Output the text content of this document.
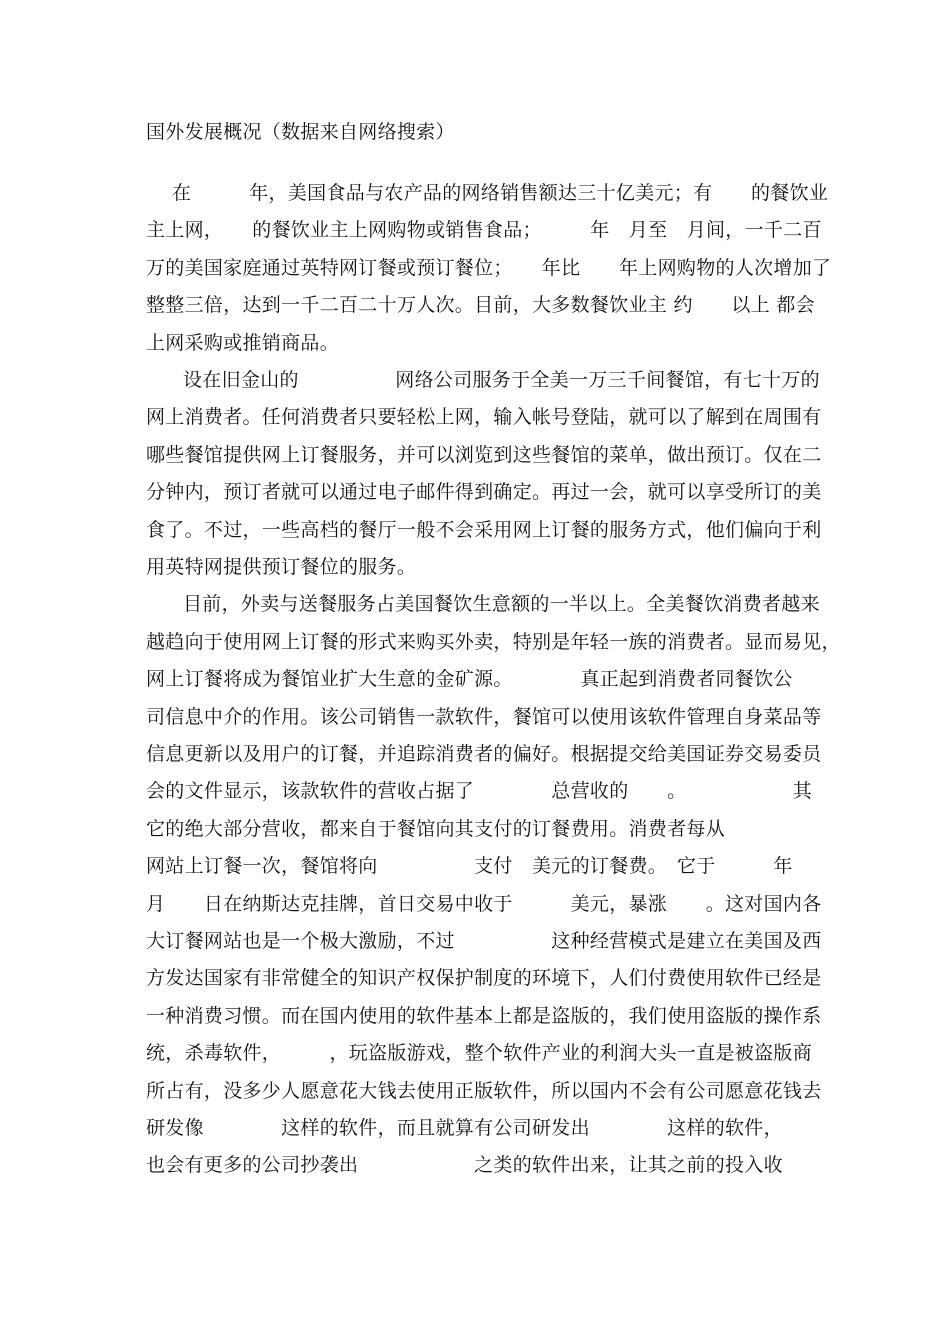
国外发展概况（数据来自网络搜索）
在　　　年，美国食品与农产品的网络销售额达三十亿美元；有　　的餐饮业
主上网，　　的餐饮业主上网购物或销售食品；　　　年　月至　月间，一千二百
万的美国家庭通过英特网订餐或预订餐位；　　年比　　年上网购物的人次增加了
整整三倍，达到一千二百二十万人次。目前，大多数餐饮业主 约　　以上 都会
上网采购或推销商品。
设在旧金山的　　　　　网络公司服务于全美一万三千间餐馆，有七十万的
网上消费者。任何消费者只要轻松上网，输入帐号登陆，就可以了解到在周围有
哪些餐馆提供网上订餐服务，并可以浏览到这些餐馆的菜单，做出预订。仅在二
分钟内，预订者就可以通过电子邮件得到确定。再过一会，就可以享受所订的美
食了。不过，一些高档的餐厅一般不会采用网上订餐的服务方式，他们偏向于利
用英特网提供预订餐位的服务。
目前，外卖与送餐服务占美国餐饮生意额的一半以上。全美餐饮消费者越来
越趋向于使用网上订餐的形式来购买外卖，特别是年轻一族的消费者。显而易见，
网上订餐将成为餐馆业扩大生意的金矿源。　　　　真正起到消费者同餐饮公
司信息中介的作用。该公司销售一款软件，餐馆可以使用该软件管理自身菜品等
信息更新以及用户的订餐，并追踪消费者的偏好。根据提交给美国证券交易委员
会的文件显示，该款软件的营收占据了　　　　总营收的　　。　　　　　　其
它的绝大部分营收，都来自于餐馆向其支付的订餐费用。消费者每从
网站上订餐一次，餐馆将向　　　　　支付　美元的订餐费。　它于　　　年
月　　日在纳斯达克挂牌，首日交易中收于　　　美元，暴涨　　。这对国内各
大订餐网站也是一个极大激励，不过　　　　　这种经营模式是建立在美国及西
方发达国家有非常健全的知识产权保护制度的环境下，人们付费使用软件已经是
一种消费习惯。而在国内使用的软件基本上都是盗版的，我们使用盗版的操作系
统，杀毒软件，　　　，玩盗版游戏，整个软件产业的利润大头一直是被盗版商
所占有，没多少人愿意花大钱去使用正版软件，所以国内不会有公司愿意花钱去
研发像　　　　这样的软件，而且就算有公司研发出　　　　这样的软件，
也会有更多的公司抄袭出　　　　　　之类的软件出来，让其之前的投入收
